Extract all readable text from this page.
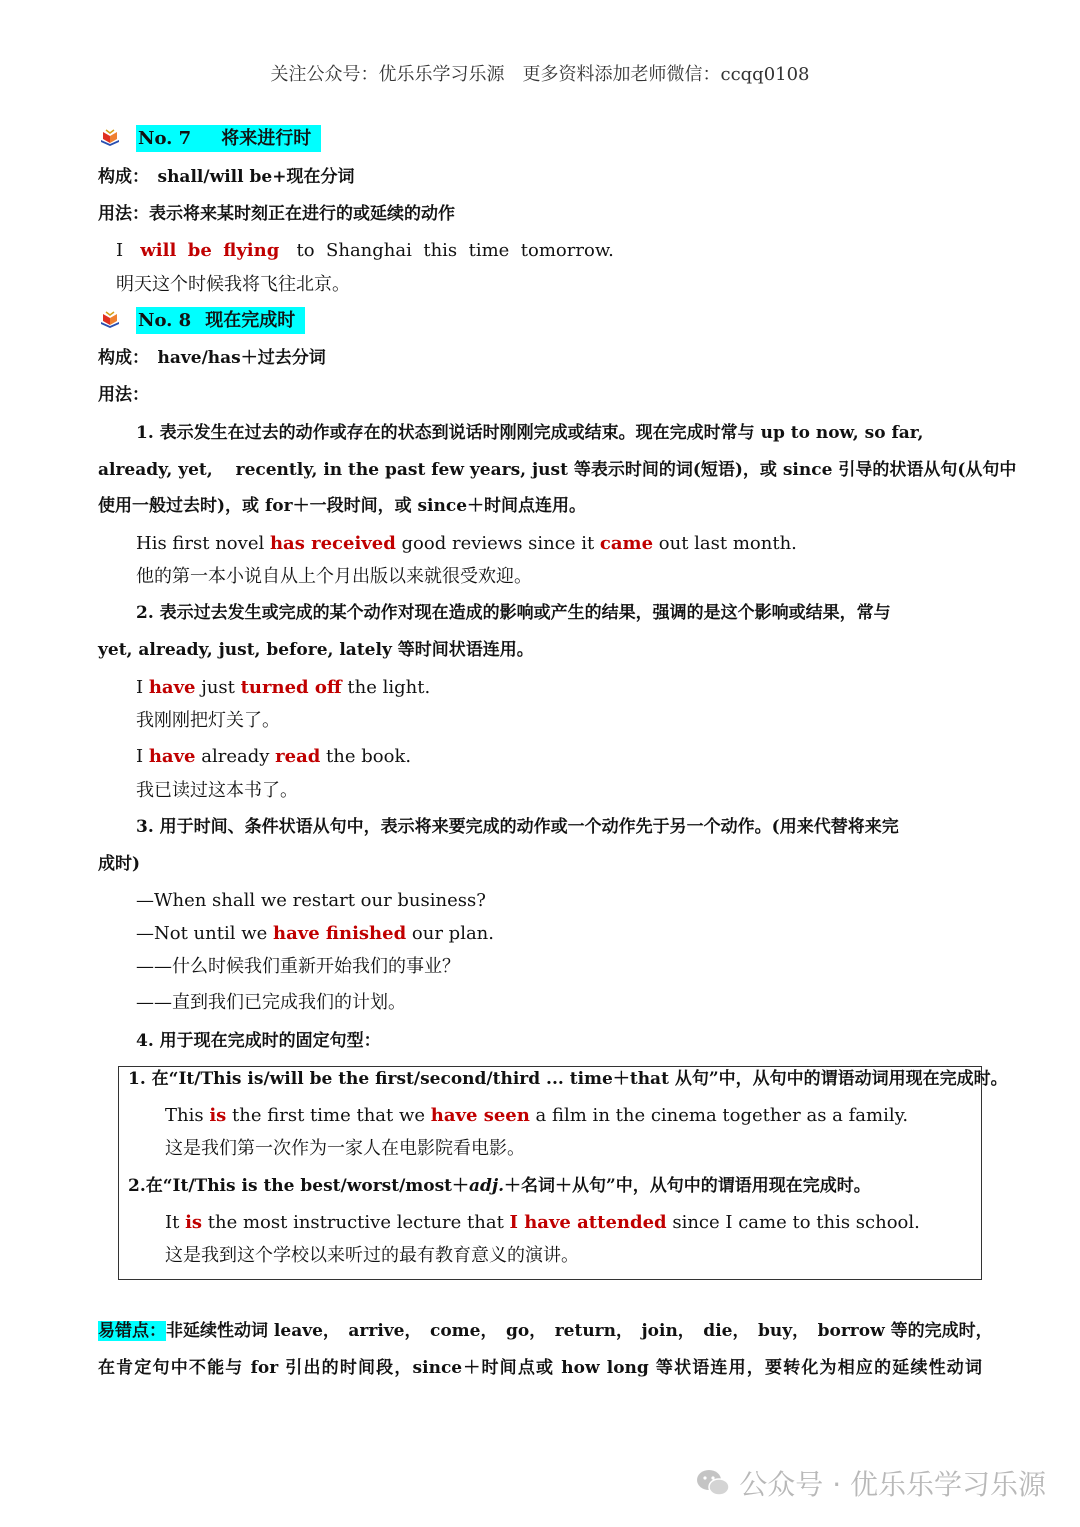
关注公众号：优乐乐学习乐源　更多资料添加老师微信：ccqq0108
No. 7 将来进行时
构成：　shall/will be+现在分词
用法：表示将来某时刻正在进行的或延续的动作
I will be flying to Shanghai this time tomorrow.
明天这个时候我将飞往北京。
No. 8 现在完成时
构成：　have/has＋过去分词
用法：
1. 表示发生在过去的动作或存在的状态到说话时刚刚完成或结束。现在完成时常与 up to now, so far,
already, yet, 　recently, in the past few years, just 等表示时间的词(短语)，或 since 引导的状语从句(从句中
使用一般过去时)，或 for＋一段时间，或 since＋时间点连用。
His first novel has received good reviews since it came out last month.
他的第一本小说自从上个月出版以来就很受欢迎。
2. 表示过去发生或完成的某个动作对现在造成的影响或产生的结果，强调的是这个影响或结果，常与
yet, already, just, before, lately 等时间状语连用。
I have just turned off the light.
我刚刚把灯关了。
I have already read the book.
我已读过这本书了。
3. 用于时间、条件状语从句中，表示将来要完成的动作或一个动作先于另一个动作。(用来代替将来完
成时)
—When shall we restart our business?
—Not until we have finished our plan.
——什么时候我们重新开始我们的事业？
——直到我们已完成我们的计划。
4. 用于现在完成时的固定句型：
1. 在“It/This is/will be the first/second/third ... time＋that 从句”中，从句中的谓语动词用现在完成时。
This is the first time that we have seen a film in the cinema together as a family.
这是我们第一次作为一家人在电影院看电影。
2.在“It/This is the best/worst/most＋adj.＋名词＋从句”中，从句中的谓语用现在完成时。
It is the most instructive lecture that I have attended since I came to this school.
这是我到这个学校以来听过的最有教育意义的演讲。
易错点：非延续性动词 leave，　arrive，　come，　go，　return，　join，　die，　buy，　borrow 等的完成时，
在肯定句中不能与 for 引出的时间段，since＋时间点或 how long 等状语连用，要转化为相应的延续性动词
公众号 · 优乐乐学习乐源
